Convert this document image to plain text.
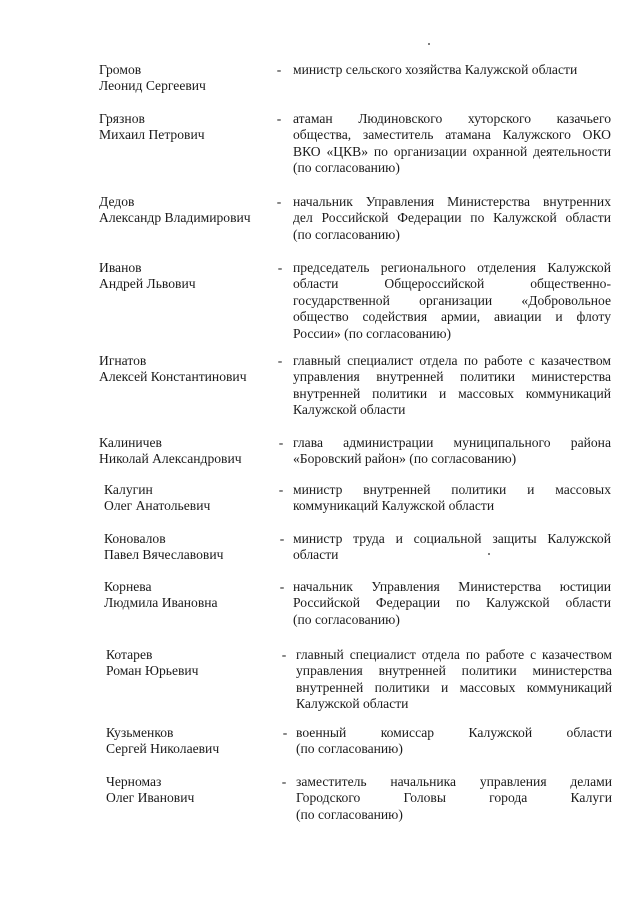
Громов
Леонид Сергеевич
- министр сельского хозяйства Калужской области
Грязнов
Михаил Петрович
- атаман Людиновского хуторского казачьего
общества, заместитель атамана Калужского ОКО
ВКО «ЦКВ» по организации охранной деятельности
(по согласованию)
Дедов
Александр Владимирович
- начальник Управления Министерства внутренних
дел Российской Федерации по Калужской области
(по согласованию)
Иванов
Андрей Львович
- председатель регионального отделения Калужской
области Общероссийской общественно-
государственной организации «Добровольное
общество содействия армии, авиации и флоту
России» (по согласованию)
Игнатов
Алексей Константинович
- главный специалист отдела по работе с казачеством
управления внутренней политики министерства
внутренней политики и массовых коммуникаций
Калужской области
Калиничев
Николай Александрович
- глава администрации муниципального района
«Боровский район» (по согласованию)
Калугин
Олег Анатольевич
- министр внутренней политики и массовых
коммуникаций Калужской области
Коновалов
Павел Вячеславович
- министр труда и социальной защиты Калужской
области
Корнева
Людмила Ивановна
- начальник Управления Министерства юстиции
Российской Федерации по Калужской области
(по согласованию)
Котарев
Роман Юрьевич
- главный специалист отдела по работе с казачеством
управления внутренней политики министерства
внутренней политики и массовых коммуникаций
Калужской области
Кузьменков
Сергей Николаевич
- военный комиссар Калужской области
(по согласованию)
Черномаз
Олег Иванович
- заместитель начальника управления делами
Городского Головы города Калуги
(по согласованию)
